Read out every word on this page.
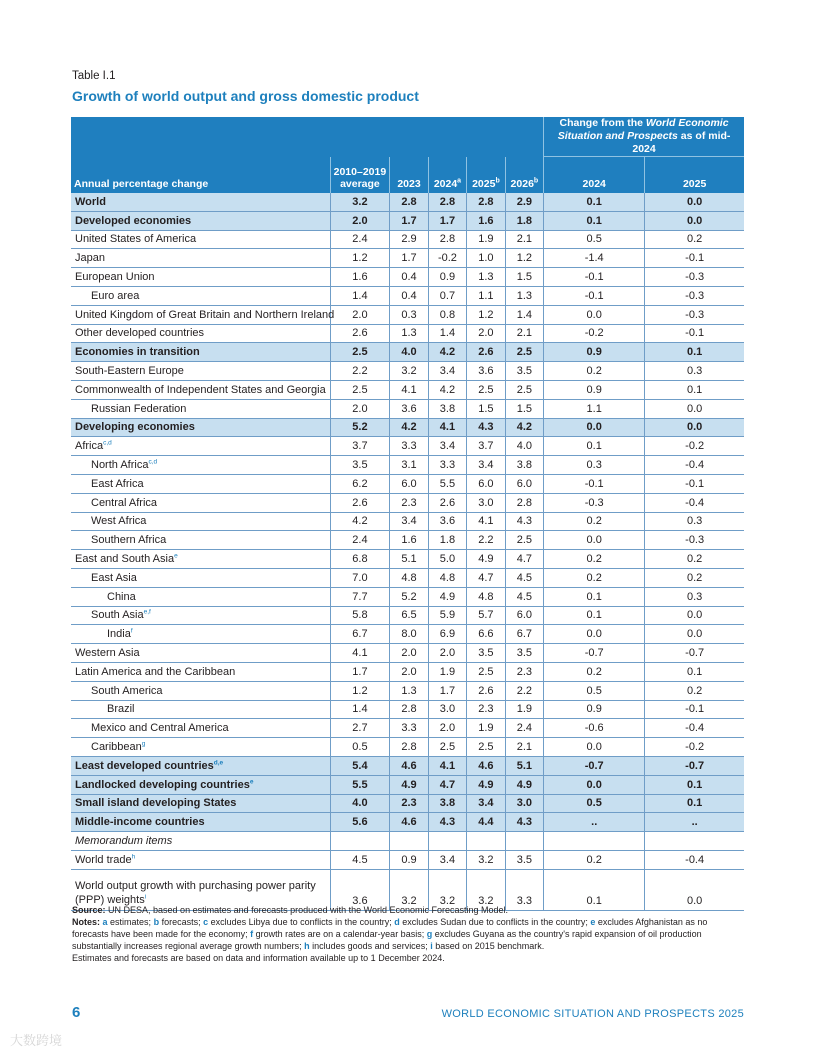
Table I.1
Growth of world output and gross domestic product
						Change from the World Economic Situation and Prospects as of mid-2024	
Annual percentage change	2010–2019 average	2023	2024$^a$	2025$^b$	2026$^b$	2024	2025
World	3.2	2.8	2.8	2.8	2.9	0.1	0.0
Developed economies	2.0	1.7	1.7	1.6	1.8	0.1	0.0
United States of America	2.4	2.9	2.8	1.9	2.1	0.5	0.2
Japan	1.2	1.7	-0.2	1.0	1.2	-1.4	-0.1
European Union	1.6	0.4	0.9	1.3	1.5	-0.1	-0.3
Euro area	1.4	0.4	0.7	1.1	1.3	-0.1	-0.3
United Kingdom of Great Britain and Northern Ireland	2.0	0.3	0.8	1.2	1.4	0.0	-0.3
Other developed countries	2.6	1.3	1.4	2.0	2.1	-0.2	-0.1
Economies in transition	2.5	4.0	4.2	2.6	2.5	0.9	0.1
South-Eastern Europe	2.2	3.2	3.4	3.6	3.5	0.2	0.3
Commonwealth of Independent States and Georgia	2.5	4.1	4.2	2.5	2.5	0.9	0.1
Russian Federation	2.0	3.6	3.8	1.5	1.5	1.1	0.0
Developing economies	5.2	4.2	4.1	4.3	4.2	0.0	0.0
Africa$^{c,d}$	3.7	3.3	3.4	3.7	4.0	0.1	-0.2
North Africa$^{c,d}$	3.5	3.1	3.3	3.4	3.8	0.3	-0.4
East Africa	6.2	6.0	5.5	6.0	6.0	-0.1	-0.1
Central Africa	2.6	2.3	2.6	3.0	2.8	-0.3	-0.4
West Africa	4.2	3.4	3.6	4.1	4.3	0.2	0.3
Southern Africa	2.4	1.6	1.8	2.2	2.5	0.0	-0.3
East and South Asia$^e$	6.8	5.1	5.0	4.9	4.7	0.2	0.2
East Asia	7.0	4.8	4.8	4.7	4.5	0.2	0.2
China	7.7	5.2	4.9	4.8	4.5	0.1	0.3
South Asia$^{e,f}$	5.8	6.5	5.9	5.7	6.0	0.1	0.0
India$^f$	6.7	8.0	6.9	6.6	6.7	0.0	0.0
Western Asia	4.1	2.0	2.0	3.5	3.5	-0.7	-0.7
Latin America and the Caribbean	1.7	2.0	1.9	2.5	2.3	0.2	0.1
South America	1.2	1.3	1.7	2.6	2.2	0.5	0.2
Brazil	1.4	2.8	3.0	2.3	1.9	0.9	-0.1
Mexico and Central America	2.7	3.3	2.0	1.9	2.4	-0.6	-0.4
Caribbean$^g$	0.5	2.8	2.5	2.5	2.1	0.0	-0.2
Least developed countries$^{d,e}$	5.4	4.6	4.1	4.6	5.1	-0.7	-0.7
Landlocked developing countries$^e$	5.5	4.9	4.7	4.9	4.9	0.0	0.1
Small island developing States	4.0	2.3	3.8	3.4	3.0	0.5	0.1
Middle-income countries	5.6	4.6	4.3	4.4	4.3	..	..
Memorandum items							
World trade$^h$	4.5	0.9	3.4	3.2	3.5	0.2	-0.4
World output growth with purchasing power parity (PPP) weights$^i$	3.6	3.2	3.2	3.2	3.3	0.1	0.0
Source: UN DESA, based on estimates and forecasts produced with the World Economic Forecasting Model.
Notes: a estimates; b forecasts; c excludes Libya due to conflicts in the country; d excludes Sudan due to conflicts in the country; e excludes Afghanistan as no forecasts have been made for the economy; f growth rates are on a calendar-year basis; g excludes Guyana as the country's rapid expansion of oil production substantially increases regional average growth numbers; h includes goods and services; i based on 2015 benchmark.
Estimates and forecasts are based on data and information available up to 1 December 2024.
6	WORLD ECONOMIC SITUATION AND PROSPECTS 2025
大数跨境
